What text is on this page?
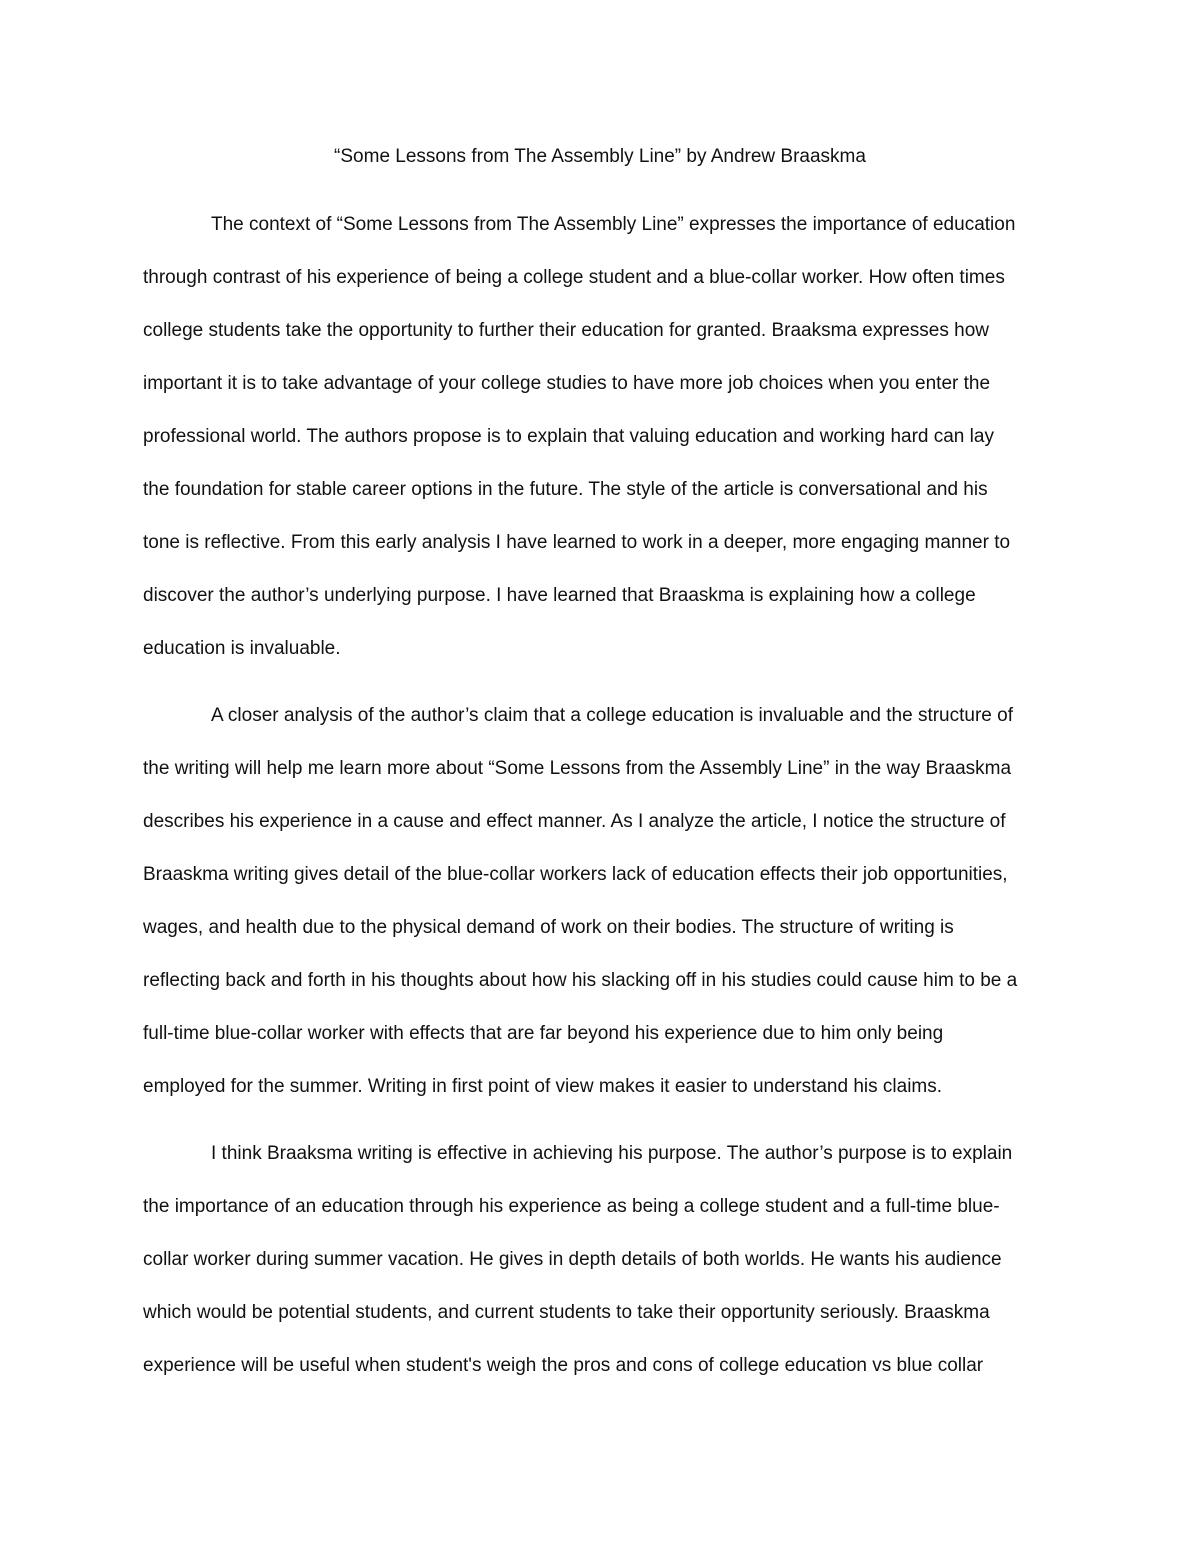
“Some Lessons from The Assembly Line” by Andrew Braaskma
The context of “Some Lessons from The Assembly Line” expresses the importance of education
through contrast of his experience of being a college student and a blue-collar worker. How often times
college students take the opportunity to further their education for granted. Braaksma expresses how
important it is to take advantage of your college studies to have more job choices when you enter the
professional world. The authors propose is to explain that valuing education and working hard can lay
the foundation for stable career options in the future. The style of the article is conversational and his
tone is reflective. From this early analysis I have learned to work in a deeper, more engaging manner to
discover the author’s underlying purpose. I have learned that Braaskma is explaining how a college
education is invaluable.
A closer analysis of the author’s claim that a college education is invaluable and the structure of
the writing will help me learn more about “Some Lessons from the Assembly Line” in the way Braaskma
describes his experience in a cause and effect manner. As I analyze the article, I notice the structure of
Braaskma writing gives detail of the blue-collar workers lack of education effects their job opportunities,
wages, and health due to the physical demand of work on their bodies. The structure of writing is
reflecting back and forth in his thoughts about how his slacking off in his studies could cause him to be a
full-time blue-collar worker with effects that are far beyond his experience due to him only being
employed for the summer. Writing in first point of view makes it easier to understand his claims.
I think Braaksma writing is effective in achieving his purpose. The author’s purpose is to explain
the importance of an education through his experience as being a college student and a full-time blue-
collar worker during summer vacation. He gives in depth details of both worlds. He wants his audience
which would be potential students, and current students to take their opportunity seriously. Braaskma
experience will be useful when student's weigh the pros and cons of college education vs blue collar
